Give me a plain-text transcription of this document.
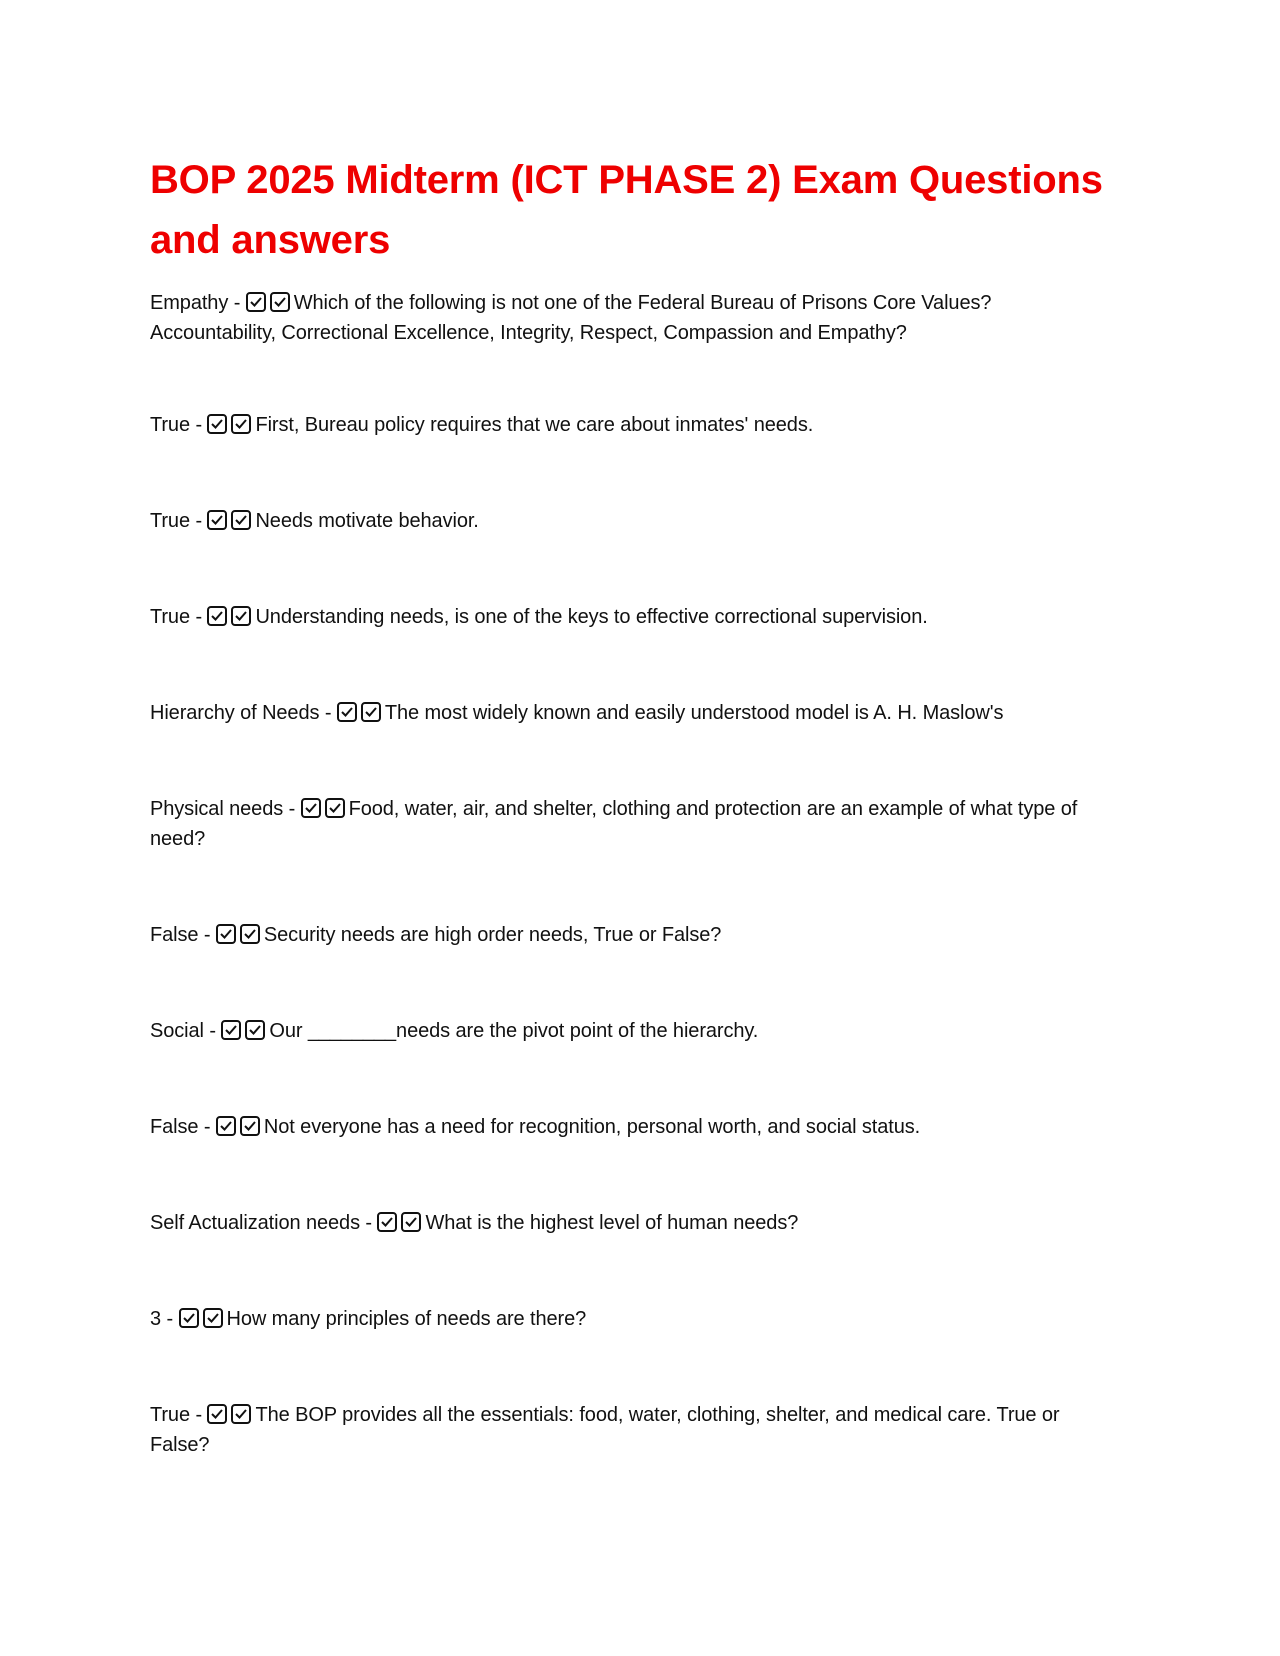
BOP 2025 Midterm (ICT PHASE 2) Exam Questions and answers

Empathy -
Which of the following is not one of the Federal Bureau of Prisons Core Values? Accountability, Correctional Excellence, Integrity, Respect, Compassion and Empathy?

True -
First, Bureau policy requires that we care about inmates' needs.

True -
Needs motivate behavior.

True -
Understanding needs, is one of the keys to effective correctional supervision.

Hierarchy of Needs -
The most widely known and easily understood model is A. H. Maslow's

Physical needs -
Food, water, air, and shelter, clothing and protection are an example of what type of need?

False -
Security needs are high order needs, True or False?

Social -
Our ________needs are the pivot point of the hierarchy.

False -
Not everyone has a need for recognition, personal worth, and social status.

Self Actualization needs -
What is the highest level of human needs?

3 -
How many principles of needs are there?

True -
The BOP provides all the essentials: food, water, clothing, shelter, and medical care. True or False?
